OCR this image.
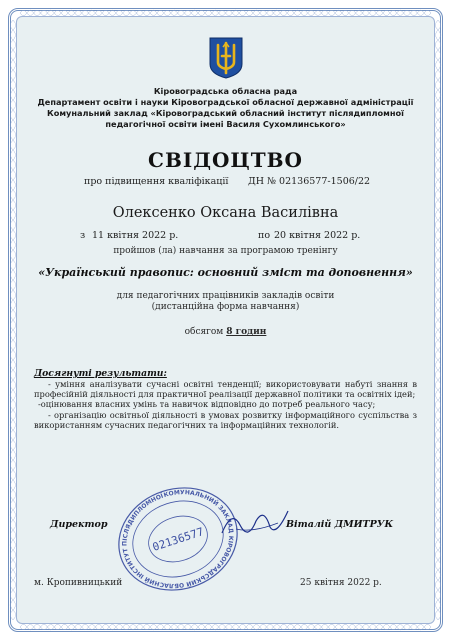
Кіровоградська обласна рада
Департамент освіти і науки Кіровоградської обласної державної адміністрації
Комунальний заклад «Кіровоградський обласний інститут післядипломної
педагогічної освіти імені Василя Сухомлинського»
СВІДОЦТВО
про підвищення кваліфікації ДН № 02136577-1506/22
Олексенко Оксана Василівна
з 11 квітня 2022 р.	по 20 квітня 2022 р.
пройшов (ла) навчання за програмою тренінгу
«Український правопис: основний зміст та доповнення»
для педагогічних працівників закладів освіти
(дистанційна форма навчання)
обсягом 8 годин
Досягнуті результати:
- уміння аналізувати сучасні освітні тенденції; використовувати набуті знання в професійній діяльності для практичної реалізації державної політики та освітніх ідей;
-оцінювання власних умінь та навичок відповідно до потреб реального часу;
- організацію освітньої діяльності в умовах розвитку інформаційного суспільства з використанням сучасних педагогічних та інформаційних технологій.
КОМУНАЛЬНИЙ ЗАКЛАД КІРОВОГРАДСЬКИЙ ОБЛАСНИЙ ІНСТИТУТ ПІСЛЯДИПЛОМНОЇ
02136577
Директор	Віталій ДМИТРУК
м. Кропивницький	25 квітня 2022 р.
